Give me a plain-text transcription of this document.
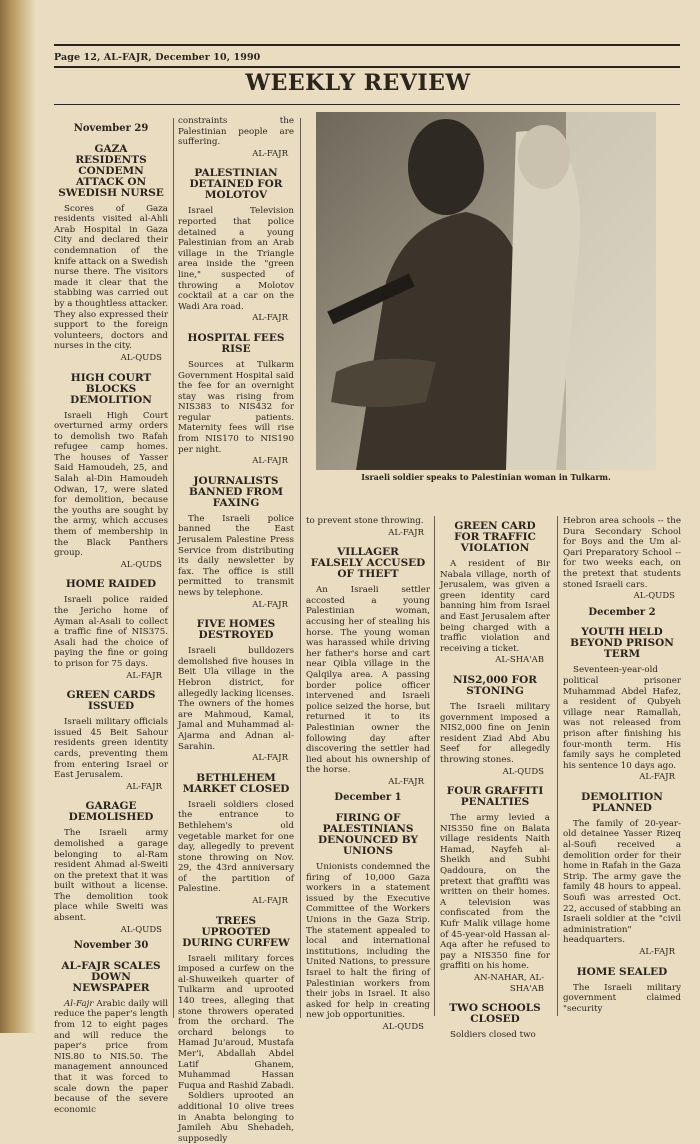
Page 12, AL-FAJR, December 10, 1990
WEEKLY REVIEW
November 29
GAZA RESIDENTS CONDEMN ATTACK ON SWEDISH NURSE

Scores of Gaza residents visited al-Ahli Arab Hospital in Gaza City and declared their condemnation of the knife attack on a Swedish nurse there. The visitors made it clear that the stabbing was carried out by a thoughtless attacker. They also expressed their support to the foreign volunteers, doctors and nurses in the city.

AL-QUDS
HIGH COURT BLOCKS DEMOLITION

Israeli High Court overturned army orders to demolish two Rafah refugee camp homes. The houses of Yasser Said Hamoudeh, 25, and Salah al-Din Hamoudeh Odwan, 17, were slated for demolition, because the youths are sought by the army, which accuses them of membership in the Black Panthers group.

AL-QUDS
HOME RAIDED

Israeli police raided the Jericho home of Ayman al-Asali to collect a traffic fine of NIS375. Asali had the choice of paying the fine or going to prison for 75 days.

AL-FAJR
GREEN CARDS ISSUED

Israeli military officials issued 45 Beit Sahour residents green identity cards, preventing them from entering Israel or East Jerusalem.

AL-FAJR
GARAGE DEMOLISHED

The Israeli army demolished a garage belonging to al-Ram resident Ahmad al-Sweiti on the pretext that it was built without a license. The demolition took place while Sweiti was absent.

AL-QUDS
November 30
AL-FAJR SCALES DOWN NEWSPAPER

Al-Fajr Arabic daily will reduce the paper's length from 12 to eight pages and will reduce the paper's price from NIS.80 to NIS.50. The management announced that it was forced to scale down the paper because of the severe economic

constraints the Palestinian people are suffering.

AL-FAJR
PALESTINIAN DETAINED FOR MOLOTOV

Israel Television reported that police detained a young Palestinian from an Arab village in the Triangle area inside the "green line," suspected of throwing a Molotov cocktail at a car on the Wadi Ara road.

AL-FAJR
HOSPITAL FEES RISE

Sources at Tulkarm Government Hospital said the fee for an overnight stay was rising from NIS383 to NIS432 for regular patients. Maternity fees will rise from NIS170 to NIS190 per night.

AL-FAJR
JOURNALISTS BANNED FROM FAXING

The Israeli police banned the East Jerusalem Palestine Press Service from distributing its daily newsletter by fax. The office is still permitted to transmit news by telephone.

AL-FAJR
FIVE HOMES DESTROYED

Israeli bulldozers demolished five houses in Beit Ula village in the Hebron district, for allegedly lacking licenses. The owners of the homes are Mahmoud, Kamal, Jamal and Muhammad al-Ajarma and Adnan al-Sarahin.

AL-FAJR
BETHLEHEM MARKET CLOSED

Israeli soldiers closed the entrance to Bethlehem's old vegetable market for one day, allegedly to prevent stone throwing on Nov. 29, the 43rd anniversary of the partition of Palestine.

AL-FAJR
TREES UPROOTED DURING CURFEW

Israeli military forces imposed a curfew on the al-Shuweikeh quarter of Tulkarm and uprooted 140 trees, alleging that stone throwers operated from the orchard. The orchard belongs to Hamad Ju'aroud, Mustafa Mer'i, Abdallah Abdel Latif Ghanem, Muhammad Hassan Fuqua and Rashid Zabadi.

Soldiers uprooted an additional 10 olive trees in Anabta belonging to Jamileh Abu Shehadeh, supposedly

Israeli soldier speaks to Palestinian woman in Tulkarm.

to prevent stone throwing.

AL-FAJR
VILLAGER FALSELY ACCUSED OF THEFT

An Israeli settler accosted a young Palestinian woman, accusing her of stealing his horse. The young woman was harassed while driving her father's horse and cart near Qibla village in the Qalqilya area. A passing border police officer intervened and Israeli police seized the horse, but returned it to its Palestinian owner the following day after discovering the settler had lied about his ownership of the horse.

AL-FAJR
December 1
FIRING OF PALESTINIANS DENOUNCED BY UNIONS

Unionists condemned the firing of 10,000 Gaza workers in a statement issued by the Executive Committee of the Workers Unions in the Gaza Strip. The statement appealed to local and international institutions, including the United Nations, to pressure Israel to halt the firing of Palestinian workers from their jobs in Israel. It also asked for help in creating new job opportunities.

AL-QUDS
GREEN CARD FOR TRAFFIC VIOLATION

A resident of Bir Nabala village, north of Jerusalem, was given a green identity card banning him from Israel and East Jerusalem after being charged with a traffic violation and receiving a ticket.

AL-SHA'AB
NIS2,000 FOR STONING

The Israeli military government imposed a NIS2,000 fine on Jenin resident Ziad Abd Abu Seef for allegedly throwing stones.

AL-QUDS
FOUR GRAFFITI PENALTIES

The army levied a NIS350 fine on Balata village residents Naith Hamad, Nayfeh al-Sheikh and Subhi Qaddoura, on the pretext that graffiti was written on their homes. A television was confiscated from the Kufr Malik village home of 45-year-old Hassan al-Aqa after he refused to pay a NIS350 fine for graffiti on his home.

AN-NAHAR, AL-SHA'AB
TWO SCHOOLS CLOSED

Soldiers closed two

Hebron area schools -- the Dura Secondary School for Boys and the Um al-Qari Preparatory School -- for two weeks each, on the pretext that students stoned Israeli cars.

AL-QUDS
December 2
YOUTH HELD BEYOND PRISON TERM

Seventeen-year-old political prisoner Muhammad Abdel Hafez, a resident of Qubyeh village near Ramallah, was not released from prison after finishing his four-month term. His family says he completed his sentence 10 days ago.

AL-FAJR
DEMOLITION PLANNED

The family of 20-year-old detainee Yasser Rizeq al-Soufi received a demolition order for their home in Rafah in the Gaza Strip. The army gave the family 48 hours to appeal. Soufi was arrested Oct. 22, accused of stabbing an Israeli soldier at the "civil administration" headquarters.

AL-FAJR
HOME SEALED

The Israeli military government claimed "security
